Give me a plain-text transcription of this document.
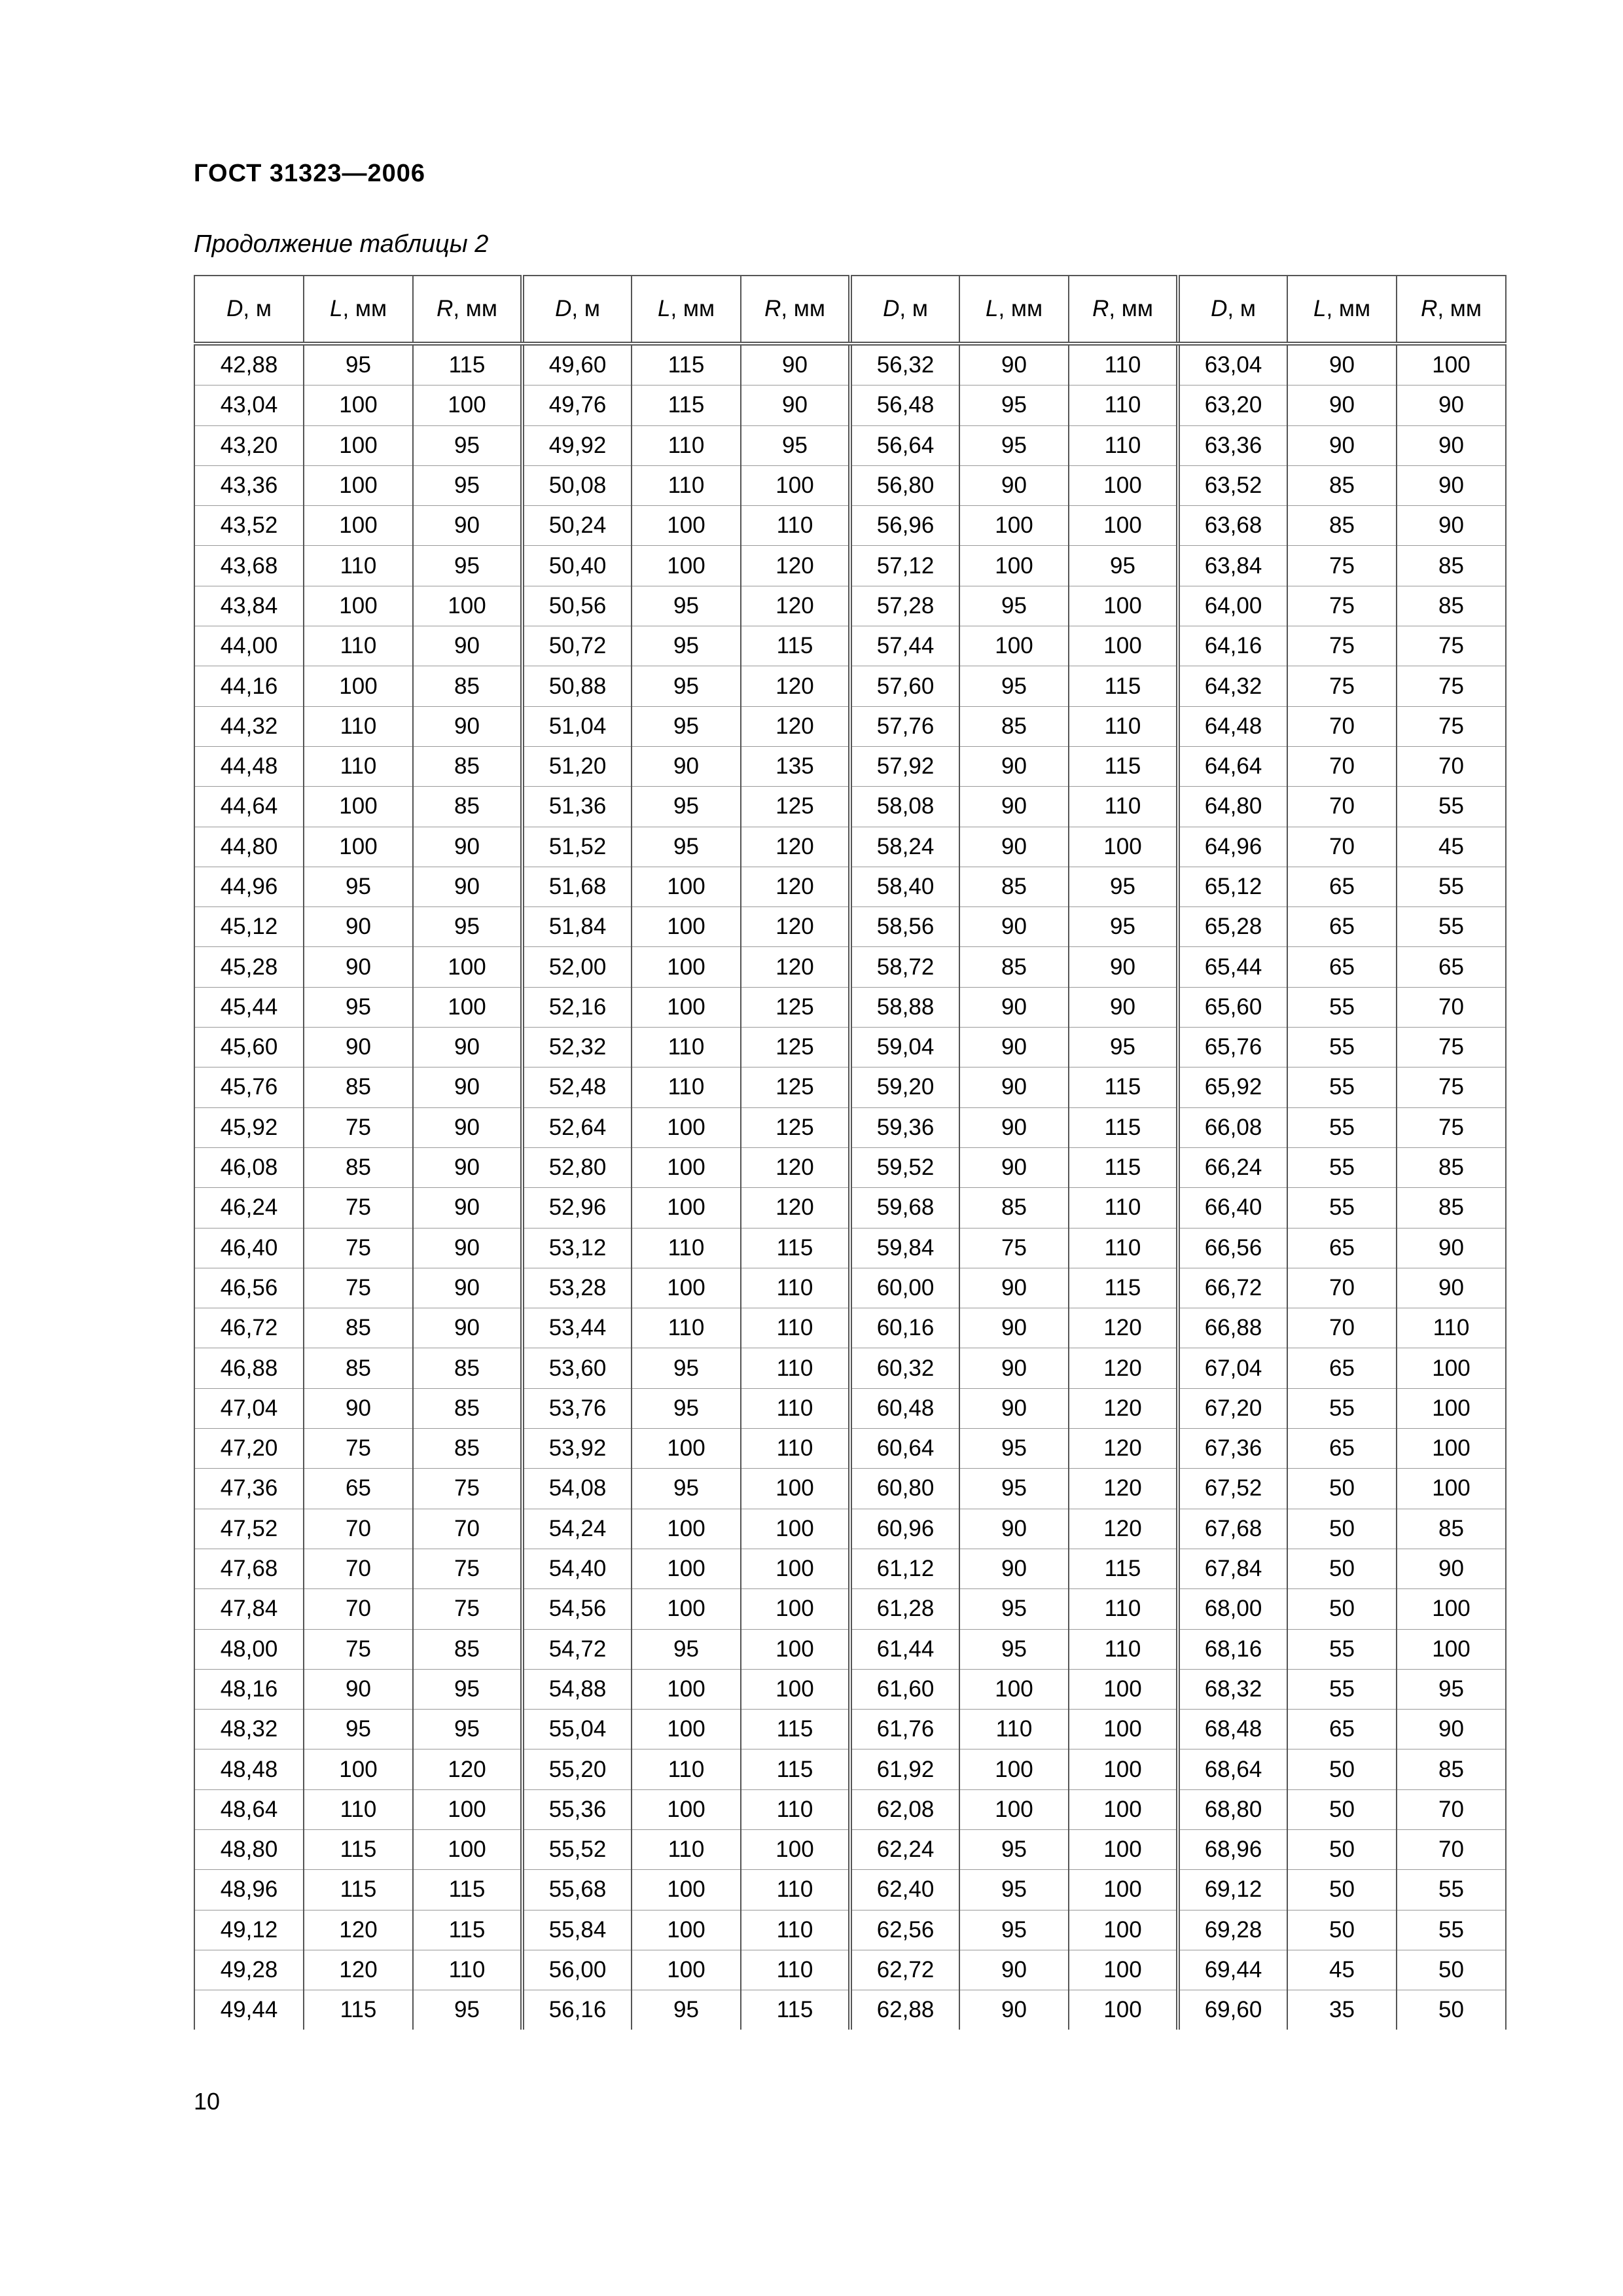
ГОСТ 31323—2006
Продолжение таблицы 2
D, м	L, мм	R, мм	D, м	L, мм	R, мм	D, м	L, мм	R, мм	D, м	L, мм	R, мм
42,88	95	115	49,60	115	90	56,32	90	110	63,04	90	100
43,04	100	100	49,76	115	90	56,48	95	110	63,20	90	90
43,20	100	95	49,92	110	95	56,64	95	110	63,36	90	90
43,36	100	95	50,08	110	100	56,80	90	100	63,52	85	90
43,52	100	90	50,24	100	110	56,96	100	100	63,68	85	90
43,68	110	95	50,40	100	120	57,12	100	95	63,84	75	85
43,84	100	100	50,56	95	120	57,28	95	100	64,00	75	85
44,00	110	90	50,72	95	115	57,44	100	100	64,16	75	75
44,16	100	85	50,88	95	120	57,60	95	115	64,32	75	75
44,32	110	90	51,04	95	120	57,76	85	110	64,48	70	75
44,48	110	85	51,20	90	135	57,92	90	115	64,64	70	70
44,64	100	85	51,36	95	125	58,08	90	110	64,80	70	55
44,80	100	90	51,52	95	120	58,24	90	100	64,96	70	45
44,96	95	90	51,68	100	120	58,40	85	95	65,12	65	55
45,12	90	95	51,84	100	120	58,56	90	95	65,28	65	55
45,28	90	100	52,00	100	120	58,72	85	90	65,44	65	65
45,44	95	100	52,16	100	125	58,88	90	90	65,60	55	70
45,60	90	90	52,32	110	125	59,04	90	95	65,76	55	75
45,76	85	90	52,48	110	125	59,20	90	115	65,92	55	75
45,92	75	90	52,64	100	125	59,36	90	115	66,08	55	75
46,08	85	90	52,80	100	120	59,52	90	115	66,24	55	85
46,24	75	90	52,96	100	120	59,68	85	110	66,40	55	85
46,40	75	90	53,12	110	115	59,84	75	110	66,56	65	90
46,56	75	90	53,28	100	110	60,00	90	115	66,72	70	90
46,72	85	90	53,44	110	110	60,16	90	120	66,88	70	110
46,88	85	85	53,60	95	110	60,32	90	120	67,04	65	100
47,04	90	85	53,76	95	110	60,48	90	120	67,20	55	100
47,20	75	85	53,92	100	110	60,64	95	120	67,36	65	100
47,36	65	75	54,08	95	100	60,80	95	120	67,52	50	100
47,52	70	70	54,24	100	100	60,96	90	120	67,68	50	85
47,68	70	75	54,40	100	100	61,12	90	115	67,84	50	90
47,84	70	75	54,56	100	100	61,28	95	110	68,00	50	100
48,00	75	85	54,72	95	100	61,44	95	110	68,16	55	100
48,16	90	95	54,88	100	100	61,60	100	100	68,32	55	95
48,32	95	95	55,04	100	115	61,76	110	100	68,48	65	90
48,48	100	120	55,20	110	115	61,92	100	100	68,64	50	85
48,64	110	100	55,36	100	110	62,08	100	100	68,80	50	70
48,80	115	100	55,52	110	100	62,24	95	100	68,96	50	70
48,96	115	115	55,68	100	110	62,40	95	100	69,12	50	55
49,12	120	115	55,84	100	110	62,56	95	100	69,28	50	55
49,28	120	110	56,00	100	110	62,72	90	100	69,44	45	50
49,44	115	95	56,16	95	115	62,88	90	100	69,60	35	50
10
